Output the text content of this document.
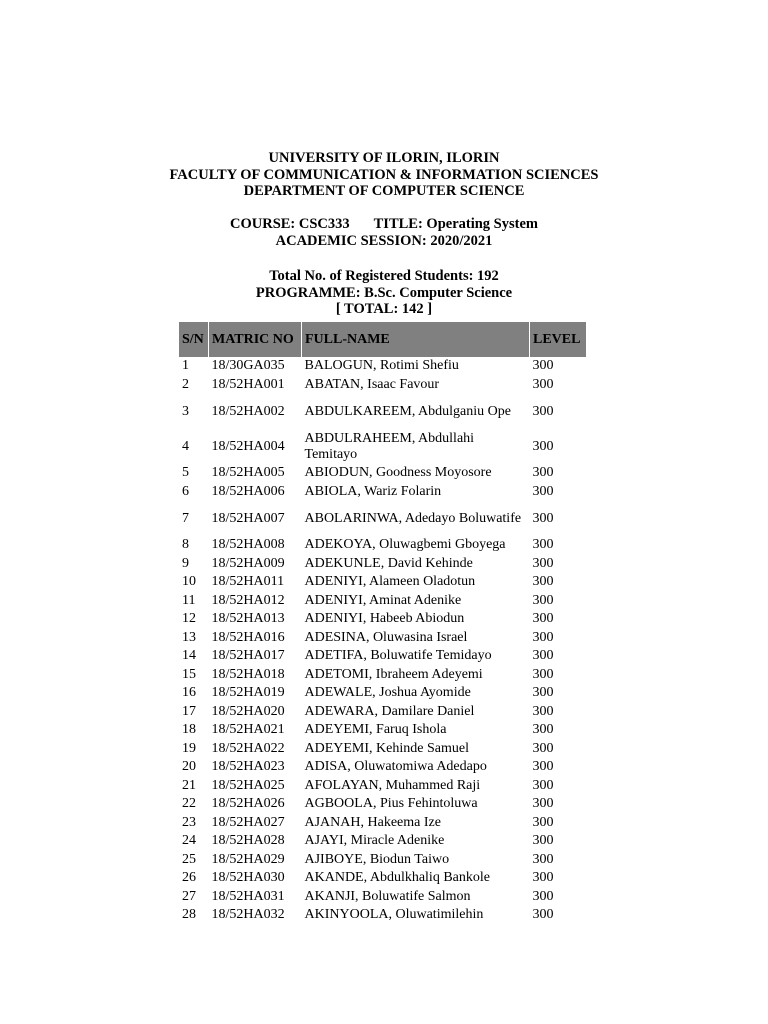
UNIVERSITY OF ILORIN, ILORIN
FACULTY OF COMMUNICATION & INFORMATION SCIENCES
DEPARTMENT OF COMPUTER SCIENCE
COURSE: CSC333 TITLE: Operating System
ACADEMIC SESSION: 2020/2021
Total No. of Registered Students: 192
PROGRAMME: B.Sc. Computer Science
[ TOTAL: 142 ]
S/N	MATRIC NO	FULL-NAME	LEVEL
1	18/30GA035	BALOGUN, Rotimi Shefiu	300
2	18/52HA001	ABATAN, Isaac Favour	300
3	18/52HA002	ABDULKAREEM, Abdulganiu Ope	300
4	18/52HA004	ABDULRAHEEM, Abdullahi Temitayo	300
5	18/52HA005	ABIODUN, Goodness Moyosore	300
6	18/52HA006	ABIOLA, Wariz Folarin	300
7	18/52HA007	ABOLARINWA, Adedayo Boluwatife	300
8	18/52HA008	ADEKOYA, Oluwagbemi Gboyega	300
9	18/52HA009	ADEKUNLE, David Kehinde	300
10	18/52HA011	ADENIYI, Alameen Oladotun	300
11	18/52HA012	ADENIYI, Aminat Adenike	300
12	18/52HA013	ADENIYI, Habeeb Abiodun	300
13	18/52HA016	ADESINA, Oluwasina Israel	300
14	18/52HA017	ADETIFA, Boluwatife Temidayo	300
15	18/52HA018	ADETOMI, Ibraheem Adeyemi	300
16	18/52HA019	ADEWALE, Joshua Ayomide	300
17	18/52HA020	ADEWARA, Damilare Daniel	300
18	18/52HA021	ADEYEMI, Faruq Ishola	300
19	18/52HA022	ADEYEMI, Kehinde Samuel	300
20	18/52HA023	ADISA, Oluwatomiwa Adedapo	300
21	18/52HA025	AFOLAYAN, Muhammed Raji	300
22	18/52HA026	AGBOOLA, Pius Fehintoluwa	300
23	18/52HA027	AJANAH, Hakeema Ize	300
24	18/52HA028	AJAYI, Miracle Adenike	300
25	18/52HA029	AJIBOYE, Biodun Taiwo	300
26	18/52HA030	AKANDE, Abdulkhaliq Bankole	300
27	18/52HA031	AKANJI, Boluwatife Salmon	300
28	18/52HA032	AKINYOOLA, Oluwatimilehin	300
